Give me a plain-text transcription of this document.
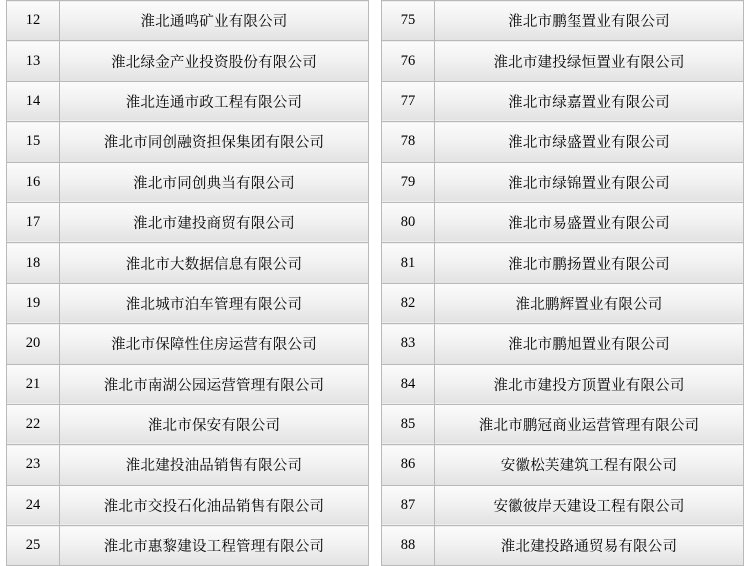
12	淮北通鸣矿业有限公司
13	淮北绿金产业投资股份有限公司
14	淮北连通市政工程有限公司
15	淮北市同创融资担保集团有限公司
16	淮北市同创典当有限公司
17	淮北市建投商贸有限公司
18	淮北市大数据信息有限公司
19	淮北城市泊车管理有限公司
20	淮北市保障性住房运营有限公司
21	淮北市南湖公园运营管理有限公司
22	淮北市保安有限公司
23	淮北建投油品销售有限公司
24	淮北市交投石化油品销售有限公司
25	淮北市惠黎建设工程管理有限公司
75	淮北市鹏玺置业有限公司
76	淮北市建投绿恒置业有限公司
77	淮北市绿嘉置业有限公司
78	淮北市绿盛置业有限公司
79	淮北市绿锦置业有限公司
80	淮北市易盛置业有限公司
81	淮北市鹏扬置业有限公司
82	淮北鹏辉置业有限公司
83	淮北市鹏旭置业有限公司
84	淮北市建投方顶置业有限公司
85	淮北市鹏冠商业运营管理有限公司
86	安徽松芙建筑工程有限公司
87	安徽彼岸天建设工程有限公司
88	淮北建投路通贸易有限公司
